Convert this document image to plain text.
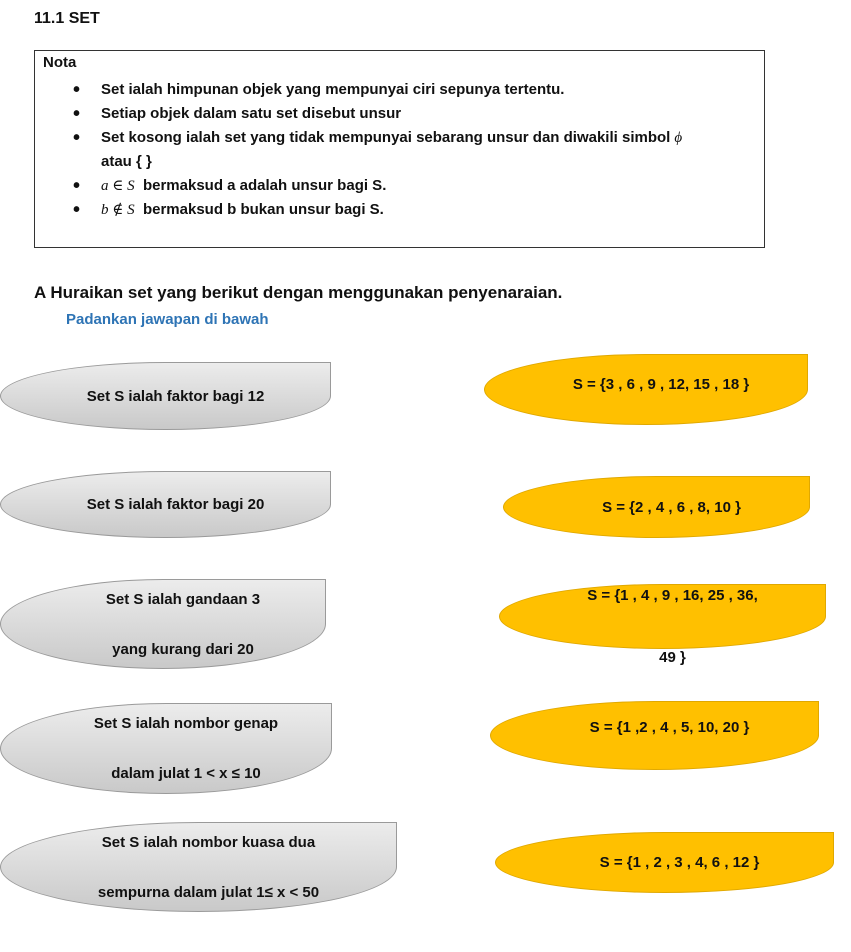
11.1 SET
Nota
• Set ialah himpunan objek yang mempunyai ciri sepunya tertentu.
• Setiap objek dalam satu set disebut unsur
• Set kosong ialah set yang tidak mempunyai sebarang unsur dan diwakili simbol ϕ
atau { }
• a ∈ S bermaksud a adalah unsur bagi S.
• b ∉ S bermaksud b bukan unsur bagi S.
A Huraikan set yang berikut dengan menggunakan penyenaraian.
Padankan jawapan di bawah
Set S ialah faktor bagi 12
Set S ialah faktor bagi 20
Set S ialah gandaan 3

yang kurang dari 20
Set S ialah nombor genap

dalam julat 1 < x ≤ 10
Set S ialah nombor kuasa dua

sempurna dalam julat 1≤ x < 50
S = {3 , 6 , 9 , 12, 15 , 18 }
S = {2 , 4 , 6 , 8, 10 }
S = {1 , 4 , 9 , 16, 25 , 36,

49 }
S = {1 ,2 , 4 , 5, 10, 20 }
S = {1 , 2 , 3 , 4, 6 , 12 }
